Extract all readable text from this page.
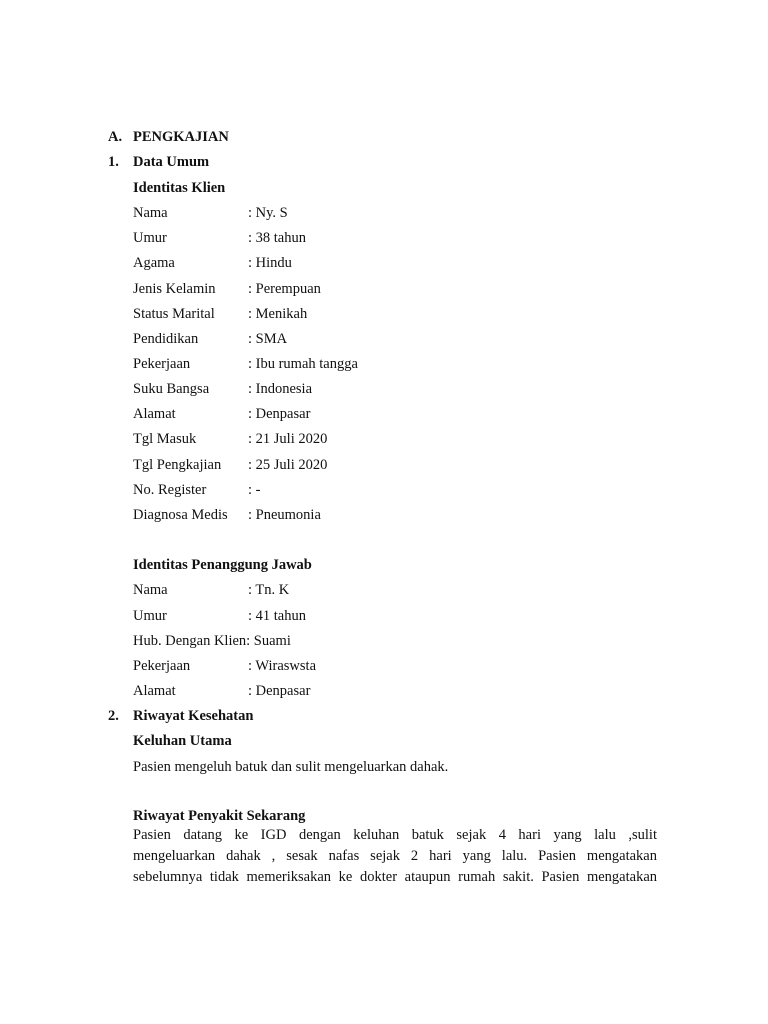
A. PENGKAJIAN
1. Data Umum
Identitas Klien
Nama	: Ny. S
Umur	: 38 tahun
Agama	: Hindu
Jenis Kelamin : Perempuan
Status Marital : Menikah
Pendidikan	: SMA
Pekerjaan	: Ibu rumah tangga
Suku Bangsa	: Indonesia
Alamat	: Denpasar
Tgl Masuk	: 21 Juli 2020
Tgl Pengkajian : 25 Juli 2020
No. Register	: -
Diagnosa Medis : Pneumonia
Identitas Penanggung Jawab
Nama	: Tn. K
Umur	: 41 tahun
Hub. Dengan Klien: Suami
Pekerjaan	: Wiraswsta
Alamat	: Denpasar
2. Riwayat Kesehatan
Keluhan Utama
Pasien mengeluh batuk dan sulit mengeluarkan dahak.
Riwayat Penyakit Sekarang
Pasien datang ke IGD dengan keluhan batuk sejak 4 hari yang lalu ,sulit
mengeluarkan dahak , sesak nafas sejak 2 hari yang lalu. Pasien mengatakan
sebelumnya tidak memeriksakan ke dokter ataupun rumah sakit. Pasien mengatakan
